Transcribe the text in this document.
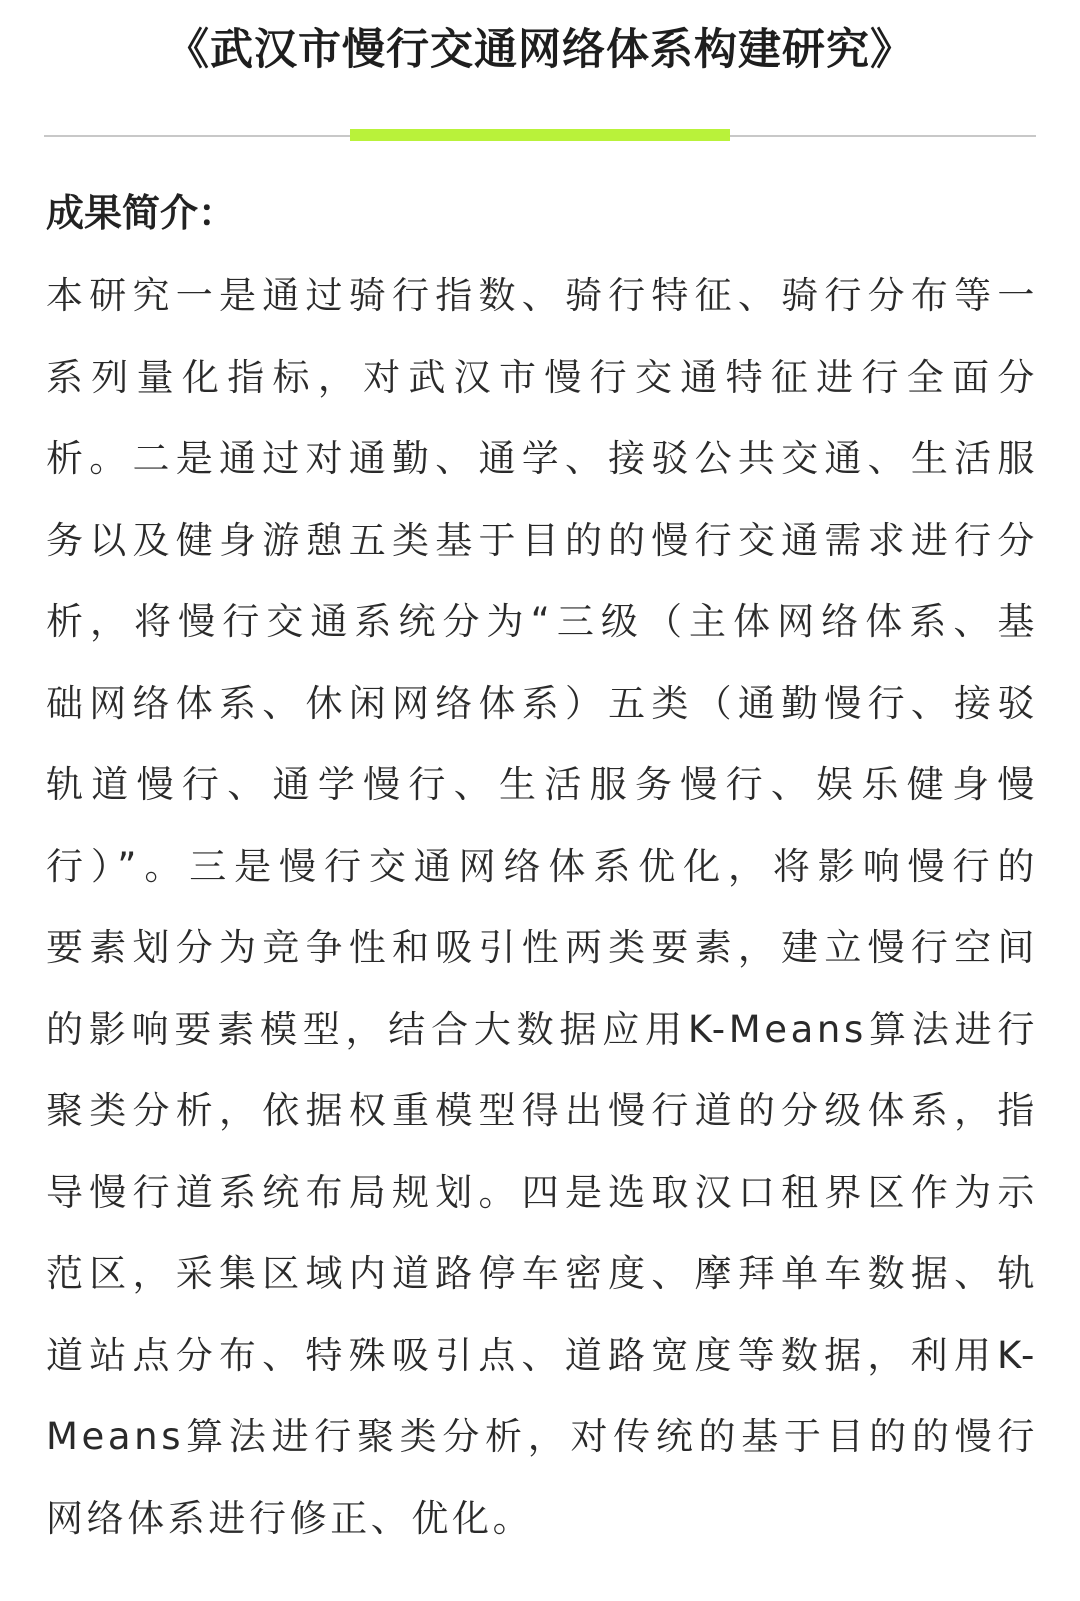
《武汉市慢行交通网络体系构建研究》
成果简介：
本研究一是通过骑行指数、骑行特征、骑行分布等一
系列量化指标，对武汉市慢行交通特征进行全面分
析。二是通过对通勤、通学、接驳公共交通、生活服
务以及健身游憩五类基于目的的慢行交通需求进行分
析，将慢行交通系统分为“三级（主体网络体系、基
础网络体系、休闲网络体系）五类（通勤慢行、接驳
轨道慢行、通学慢行、生活服务慢行、娱乐健身慢
行）”。三是慢行交通网络体系优化，将影响慢行的
要素划分为竞争性和吸引性两类要素，建立慢行空间
的影响要素模型，结合大数据应用K-Means算法进行
聚类分析，依据权重模型得出慢行道的分级体系，指
导慢行道系统布局规划。四是选取汉口租界区作为示
范区，采集区域内道路停车密度、摩拜单车数据、轨
道站点分布、特殊吸引点、道路宽度等数据，利用K-
Means算法进行聚类分析，对传统的基于目的的慢行
网络体系进行修正、优化。
